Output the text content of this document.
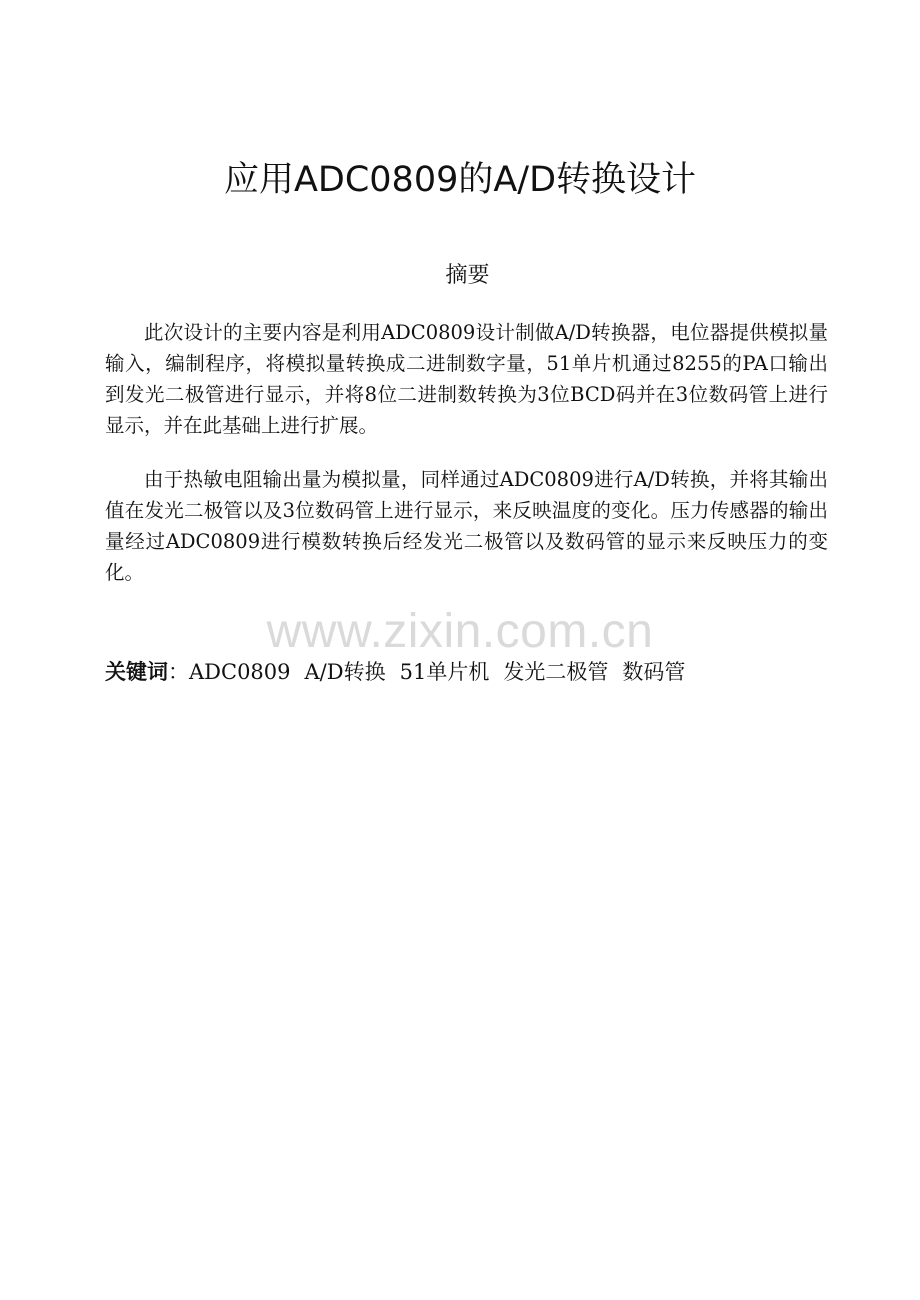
应用ADC0809的A/D转换设计
摘要

此次设计的主要内容是利用ADC0809设计制做A/D转换器，电位器提供模拟量输入，编制程序，将模拟量转换成二进制数字量，51单片机通过8255的PA口输出到发光二极管进行显示，并将8位二进制数转换为3位BCD码并在3位数码管上进行显示，并在此基础上进行扩展。

由于热敏电阻输出量为模拟量，同样通过ADC0809进行A/D转换，并将其输出值在发光二极管以及3位数码管上进行显示，来反映温度的变化。压力传感器的输出量经过ADC0809进行模数转换后经发光二极管以及数码管的显示来反映压力的变化。

www.zixin.com.cn
关键词：ADC0809 A/D转换 51单片机 发光二极管 数码管
